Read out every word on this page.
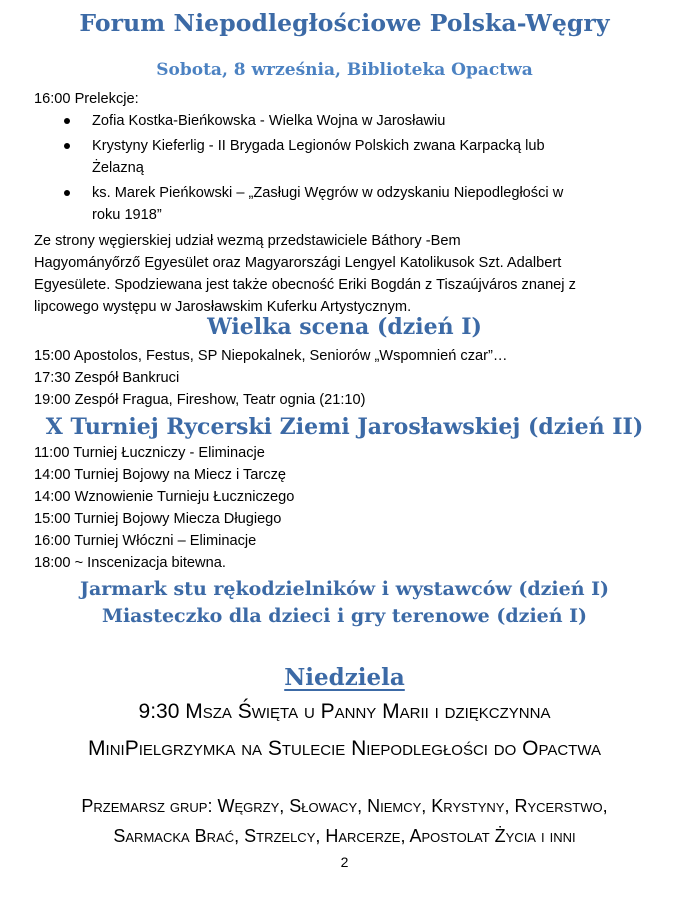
Forum Niepodległościowe Polska-Węgry
Sobota, 8 września, Biblioteka Opactwa
16:00 Prelekcje:
Zofia Kostka-Bieńkowska - Wielka Wojna w Jarosławiu
Krystyny Kieferlig - II Brygada Legionów Polskich zwana Karpacką lub
Żelazną
ks. Marek Pieńkowski – „Zasługi Węgrów w odzyskaniu Niepodległości w
roku 1918”
Ze strony węgierskiej udział wezmą przedstawiciele Báthory -Bem
Hagyományőrző Egyesület oraz Magyarországi Lengyel Katolikusok Szt. Adalbert
Egyesülete. Spodziewana jest także obecność Eriki Bogdán z Tiszaújváros znanej z
lipcowego występu w Jarosławskim Kuferku Artystycznym.
Wielka scena (dzień I)
15:00 Apostolos, Festus, SP Niepokalnek, Seniorów „Wspomnień czar”…
17:30 Zespół Bankruci
19:00 Zespół Fragua, Fireshow, Teatr ognia (21:10)
X Turniej Rycerski Ziemi Jarosławskiej (dzień II)
11:00 Turniej Łuczniczy - Eliminacje
14:00 Turniej Bojowy na Miecz i Tarczę
14:00 Wznowienie Turnieju Łuczniczego
15:00 Turniej Bojowy Miecza Długiego
16:00 Turniej Włóczni – Eliminacje
18:00 ~ Inscenizacja bitewna.
Jarmark stu rękodzielników i wystawców (dzień I)
Miasteczko dla dzieci i gry terenowe (dzień I)
Niedziela
9:30 Msza Święta u Panny Marii i dziękczynna
MiniPielgrzymka na Stulecie Niepodległości do Opactwa
Przemarsz grup: Węgrzy, Słowacy, Niemcy, Krystyny, Rycerstwo,
Sarmacka Brać, Strzelcy, Harcerze, Apostolat Życia i inni
2
